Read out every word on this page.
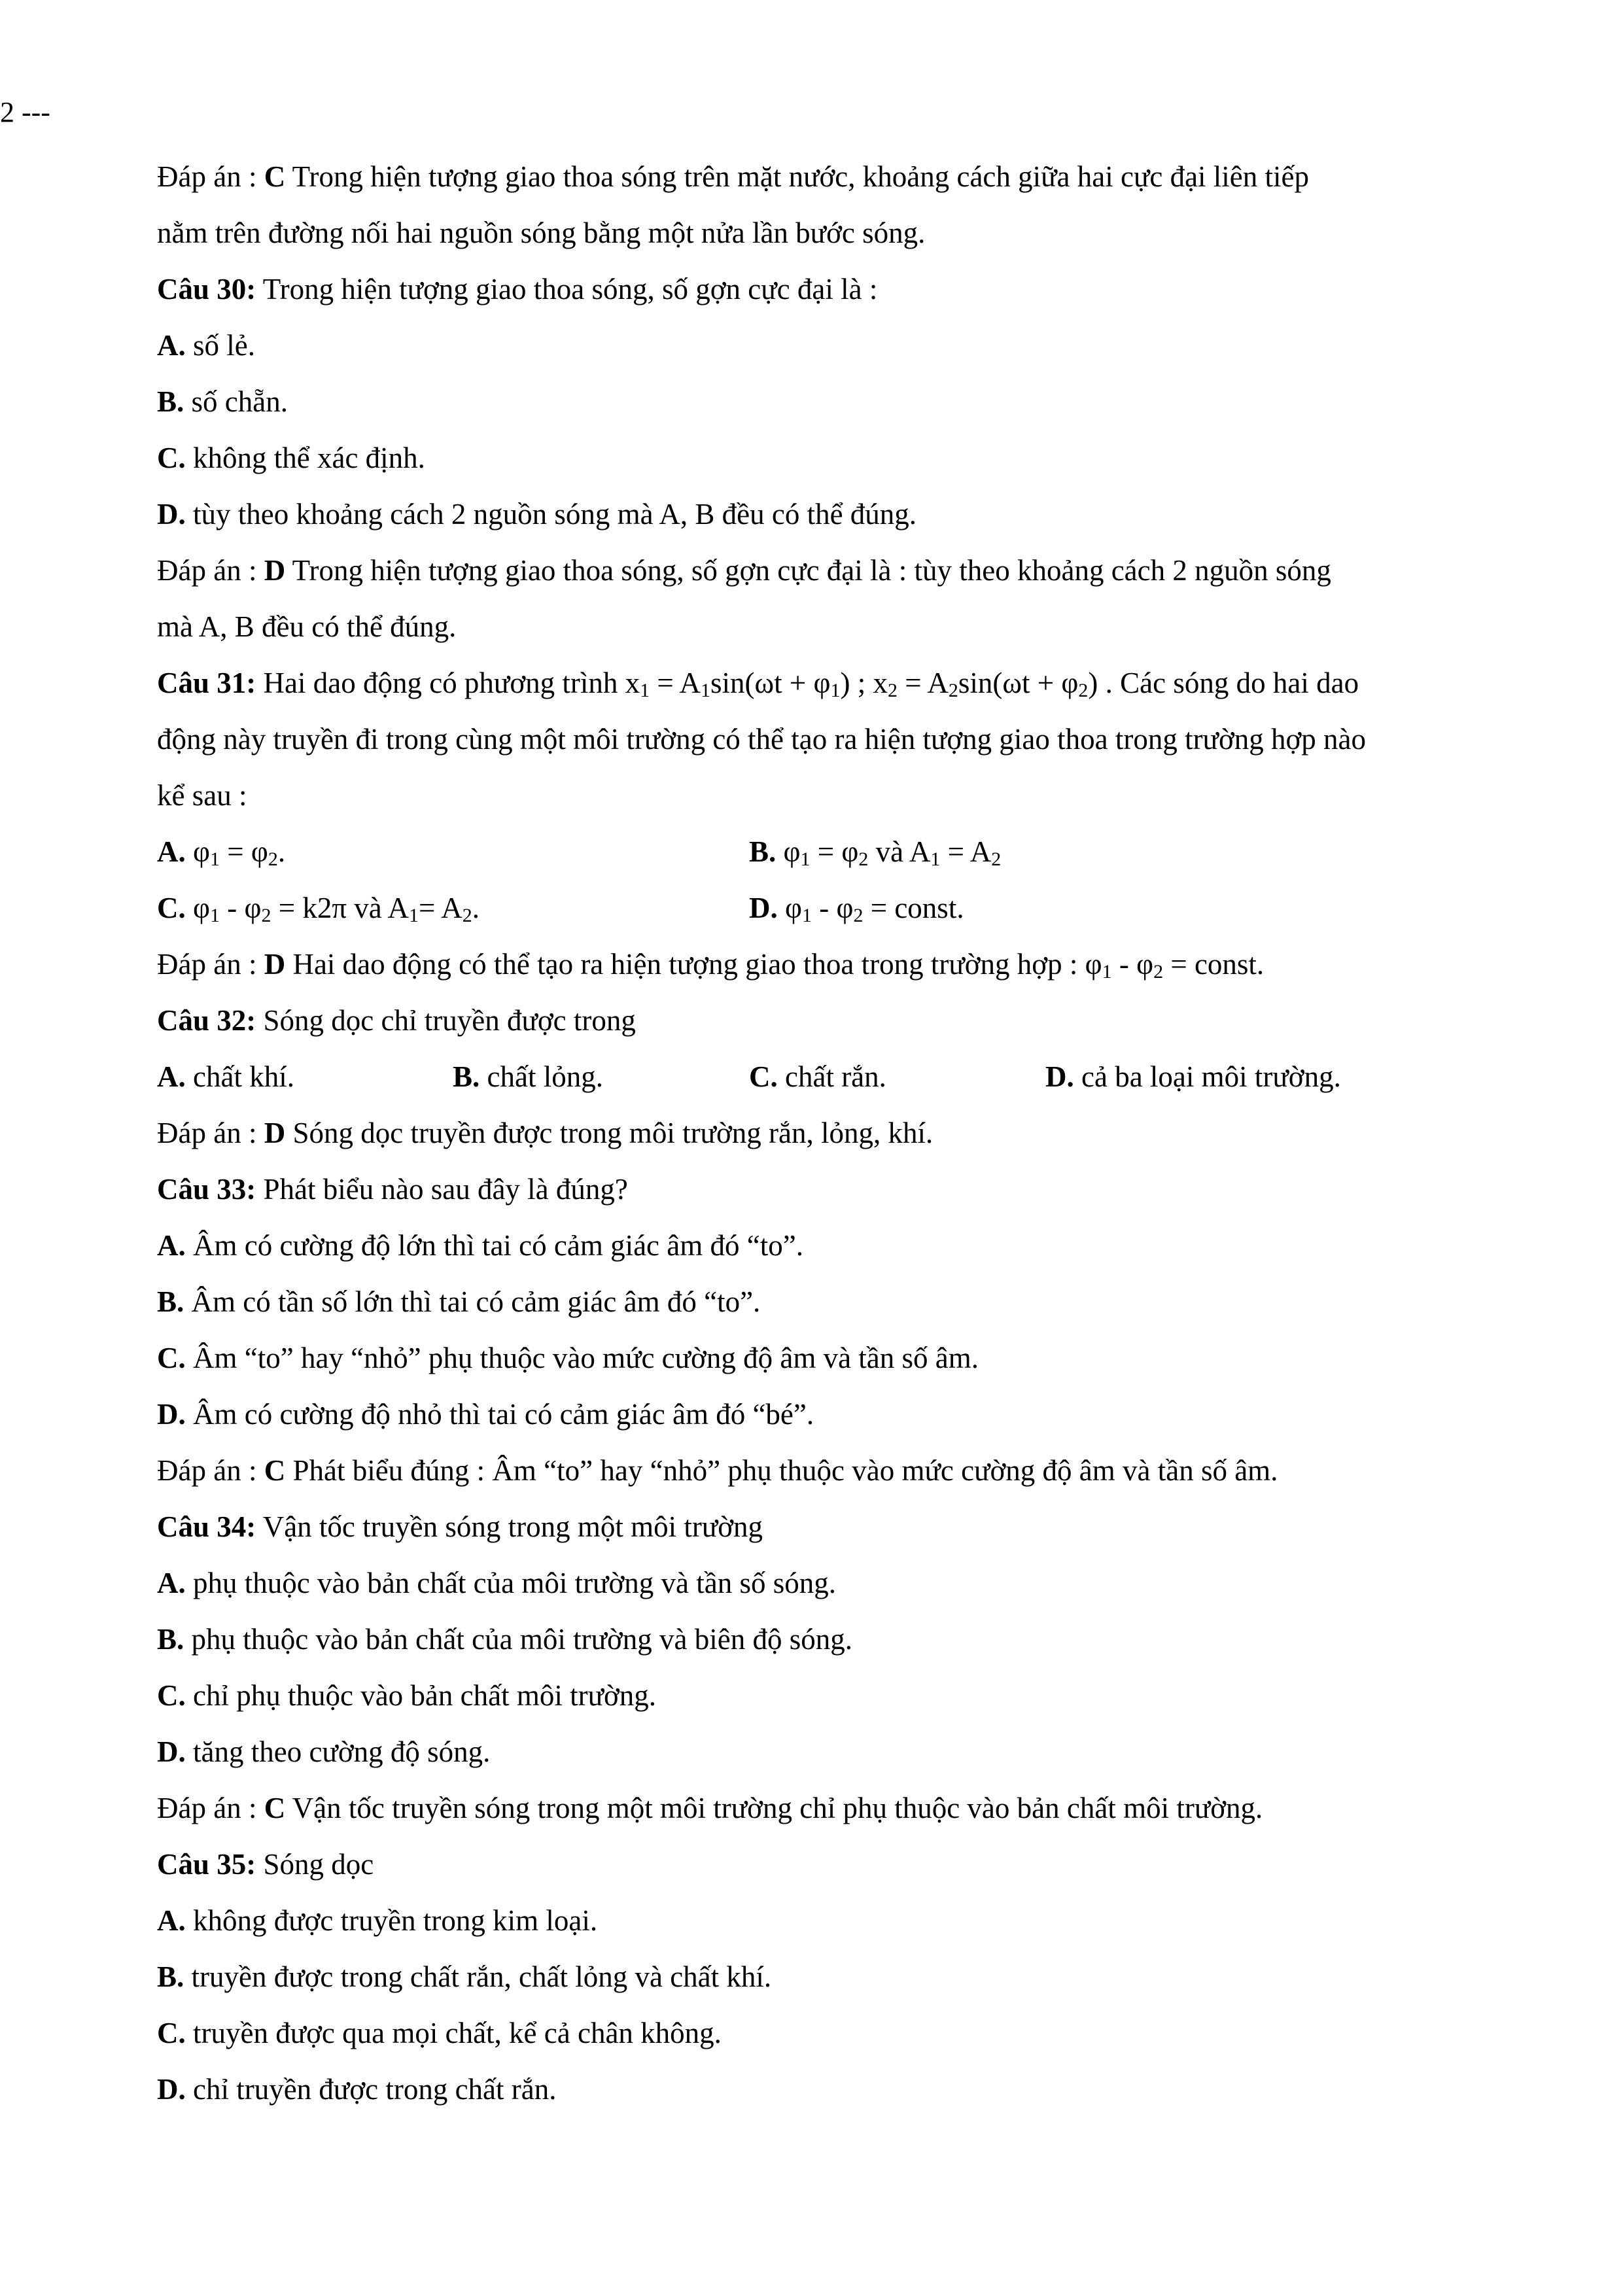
2 ---
Đáp án : C Trong hiện tượng giao thoa sóng trên mặt nước, khoảng cách giữa hai cực đại liên tiếp
nằm trên đường nối hai nguồn sóng bằng một nửa lần bước sóng.
Câu 30: Trong hiện tượng giao thoa sóng, số gợn cực đại là :
A. số lẻ.
B. số chẵn.
C. không thể xác định.
D. tùy theo khoảng cách 2 nguồn sóng mà A, B đều có thể đúng.
Đáp án : D Trong hiện tượng giao thoa sóng, số gợn cực đại là : tùy theo khoảng cách 2 nguồn sóng
mà A, B đều có thể đúng.
Câu 31: Hai dao động có phương trình $x_1 = A_1\sin(\omega t + \varphi_1)$ ; $x_2 = A_2\sin(\omega t + \varphi_2)$ . Các sóng do hai dao
động này truyền đi trong cùng một môi trường có thể tạo ra hiện tượng giao thoa trong trường hợp nào
kể sau :
A. $\varphi_1 = \varphi_2$.	B. $\varphi_1 = \varphi_2$ và $A_1 = A_2$
C. $\varphi_1 - \varphi_2 = k2\pi$ và $A_1= A_2$.	D. $\varphi_1 - \varphi_2$ = const.
Đáp án : D Hai dao động có thể tạo ra hiện tượng giao thoa trong trường hợp : $\varphi_1 - \varphi_2$ = const.
Câu 32: Sóng dọc chỉ truyền được trong
A. chất khí.	B. chất lỏng.	C. chất rắn.	D. cả ba loại môi trường.
Đáp án : D Sóng dọc truyền được trong môi trường rắn, lỏng, khí.
Câu 33: Phát biểu nào sau đây là đúng?
A. Âm có cường độ lớn thì tai có cảm giác âm đó “to”.
B. Âm có tần số lớn thì tai có cảm giác âm đó “to”.
C. Âm “to” hay “nhỏ” phụ thuộc vào mức cường độ âm và tần số âm.
D. Âm có cường độ nhỏ thì tai có cảm giác âm đó “bé”.
Đáp án : C Phát biểu đúng : Âm “to” hay “nhỏ” phụ thuộc vào mức cường độ âm và tần số âm.
Câu 34: Vận tốc truyền sóng trong một môi trường
A. phụ thuộc vào bản chất của môi trường và tần số sóng.
B. phụ thuộc vào bản chất của môi trường và biên độ sóng.
C. chỉ phụ thuộc vào bản chất môi trường.
D. tăng theo cường độ sóng.
Đáp án : C Vận tốc truyền sóng trong một môi trường chỉ phụ thuộc vào bản chất môi trường.
Câu 35: Sóng dọc
A. không được truyền trong kim loại.
B. truyền được trong chất rắn, chất lỏng và chất khí.
C. truyền được qua mọi chất, kể cả chân không.
D. chỉ truyền được trong chất rắn.
